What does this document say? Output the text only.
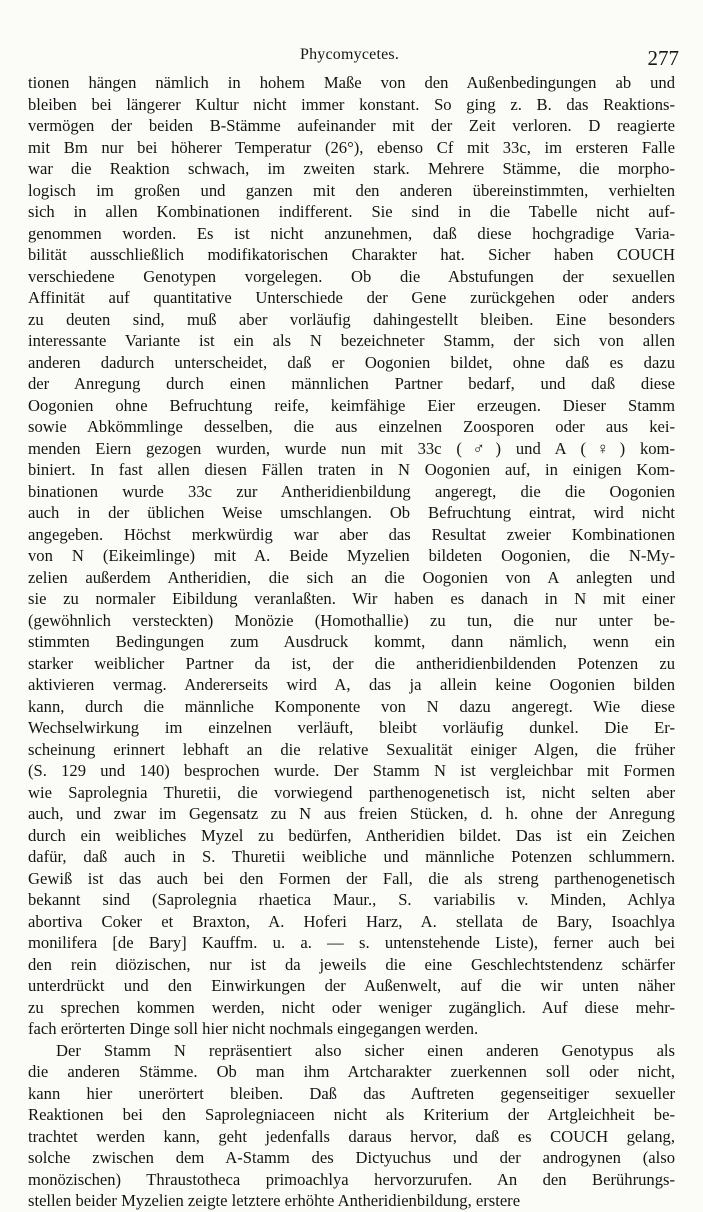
Phycomycetes.	277
tionen hängen nämlich in hohem Maße von den Außenbedingungen ab und
bleiben bei längerer Kultur nicht immer konstant. So ging z. B. das Reaktions-
vermögen der beiden B-Stämme aufeinander mit der Zeit verloren. D reagierte
mit Bm nur bei höherer Temperatur (26°), ebenso Cf mit 33c, im ersteren Falle
war die Reaktion schwach, im zweiten stark. Mehrere Stämme, die morpho-
logisch im großen und ganzen mit den anderen übereinstimmten, verhielten
sich in allen Kombinationen indifferent. Sie sind in die Tabelle nicht auf-
genommen worden. Es ist nicht anzunehmen, daß diese hochgradige Varia-
bilität ausschließlich modifikatorischen Charakter hat. Sicher haben COUCH
verschiedene Genotypen vorgelegen. Ob die Abstufungen der sexuellen
Affinität auf quantitative Unterschiede der Gene zurückgehen oder anders
zu deuten sind, muß aber vorläufig dahingestellt bleiben. Eine besonders
interessante Variante ist ein als N bezeichneter Stamm, der sich von allen
anderen dadurch unterscheidet, daß er Oogonien bildet, ohne daß es dazu
der Anregung durch einen männlichen Partner bedarf, und daß diese
Oogonien ohne Befruchtung reife, keimfähige Eier erzeugen. Dieser Stamm
sowie Abkömmlinge desselben, die aus einzelnen Zoosporen oder aus kei-
menden Eiern gezogen wurden, wurde nun mit 33c (♂) und A (♀) kom-
biniert. In fast allen diesen Fällen traten in N Oogonien auf, in einigen Kom-
binationen wurde 33c zur Antheridienbildung angeregt, die die Oogonien
auch in der üblichen Weise umschlangen. Ob Befruchtung eintrat, wird nicht
angegeben. Höchst merkwürdig war aber das Resultat zweier Kombinationen
von N (Eikeimlinge) mit A. Beide Myzelien bildeten Oogonien, die N-My-
zelien außerdem Antheridien, die sich an die Oogonien von A anlegten und
sie zu normaler Eibildung veranlaßten. Wir haben es danach in N mit einer
(gewöhnlich versteckten) Monözie (Homothallie) zu tun, die nur unter be-
stimmten Bedingungen zum Ausdruck kommt, dann nämlich, wenn ein
starker weiblicher Partner da ist, der die antheridienbildenden Potenzen zu
aktivieren vermag. Andererseits wird A, das ja allein keine Oogonien bilden
kann, durch die männliche Komponente von N dazu angeregt. Wie diese
Wechselwirkung im einzelnen verläuft, bleibt vorläufig dunkel. Die Er-
scheinung erinnert lebhaft an die relative Sexualität einiger Algen, die früher
(S. 129 und 140) besprochen wurde. Der Stamm N ist vergleichbar mit Formen
wie Saprolegnia Thuretii, die vorwiegend parthenogenetisch ist, nicht selten aber
auch, und zwar im Gegensatz zu N aus freien Stücken, d. h. ohne der Anregung
durch ein weibliches Myzel zu bedürfen, Antheridien bildet. Das ist ein Zeichen
dafür, daß auch in S. Thuretii weibliche und männliche Potenzen schlummern.
Gewiß ist das auch bei den Formen der Fall, die als streng parthenogenetisch
bekannt sind (Saprolegnia rhaetica Maur., S. variabilis v. Minden, Achlya
abortiva Coker et Braxton, A. Hoferi Harz, A. stellata de Bary, Isoachlya
monilifera [de Bary] Kauffm. u. a. — s. untenstehende Liste), ferner auch bei
den rein diözischen, nur ist da jeweils die eine Geschlechtstendenz schärfer
unterdrückt und den Einwirkungen der Außenwelt, auf die wir unten näher
zu sprechen kommen werden, nicht oder weniger zugänglich. Auf diese mehr-
fach erörterten Dinge soll hier nicht nochmals eingegangen werden.
Der Stamm N repräsentiert also sicher einen anderen Genotypus als
die anderen Stämme. Ob man ihm Artcharakter zuerkennen soll oder nicht,
kann hier unerörtert bleiben. Daß das Auftreten gegenseitiger sexueller
Reaktionen bei den Saprolegniaceen nicht als Kriterium der Artgleichheit be-
trachtet werden kann, geht jedenfalls daraus hervor, daß es COUCH gelang,
solche zwischen dem A-Stamm des Dictyuchus und der androgynen (also
monözischen) Thraustotheca primoachlya hervorzurufen. An den Berührungs-
stellen beider Myzelien zeigte letztere erhöhte Antheridienbildung, erstere
